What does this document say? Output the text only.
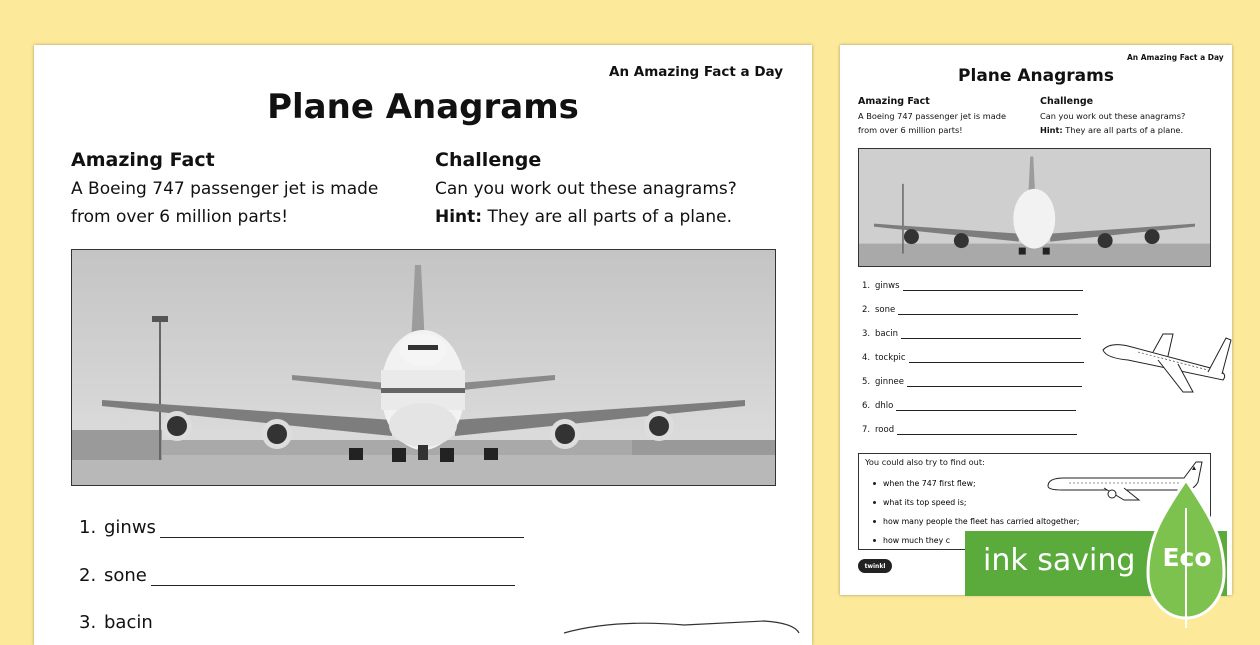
An Amazing Fact a Day
Plane Anagrams
Amazing Fact
A Boeing 747 passenger jet is made
from over 6 million parts!
Challenge
Can you work out these anagrams?
Hint: They are all parts of a plane.
1. ginws
2. sone
3. bacin
An Amazing Fact a Day
Plane Anagrams
Amazing Fact
A Boeing 747 passenger jet is made
from over 6 million parts!
Challenge
Can you work out these anagrams?
Hint: They are all parts of a plane.
1. ginws
2. sone
3. bacin
4. tockpic
5. ginnee
6. dhlo
7. rood
You could also try to find out:
when the 747 first flew;
what its top speed is;
how many people the fleet has carried altogether;
how much they c
twinkl	ink saving	Eco
